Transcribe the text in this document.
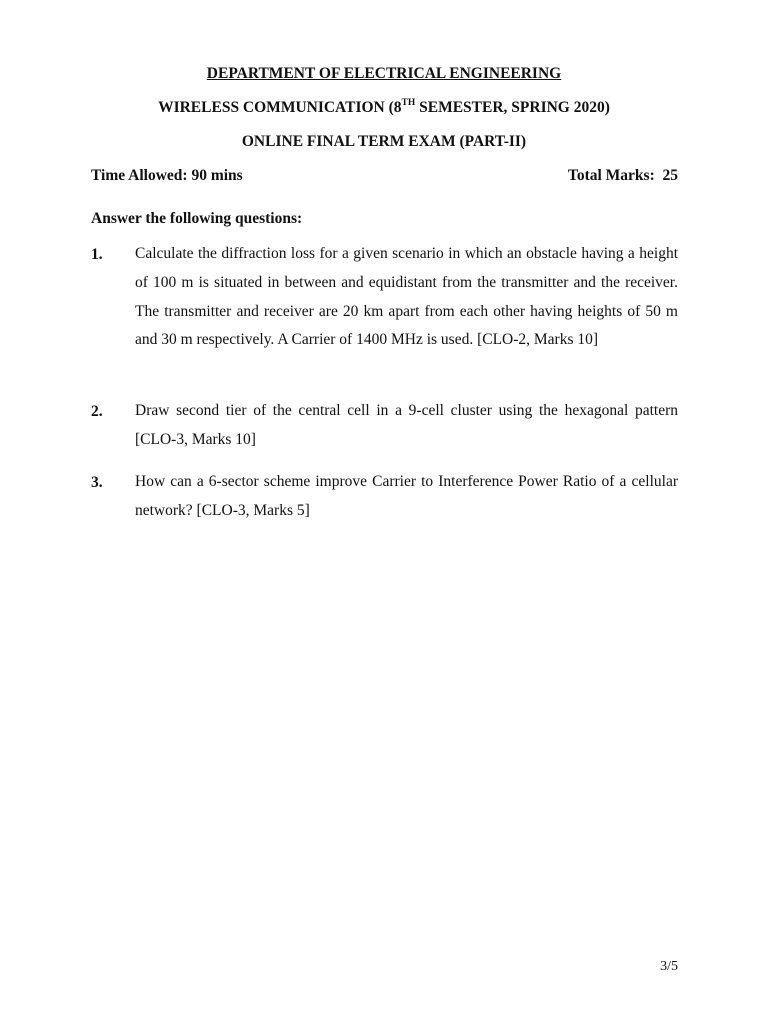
DEPARTMENT OF ELECTRICAL ENGINEERING
WIRELESS COMMUNICATION (8TH SEMESTER, SPRING 2020)
ONLINE FINAL TERM EXAM (PART-II)
Time Allowed: 90 mins	Total Marks:  25
Answer the following questions:
1. Calculate the diffraction loss for a given scenario in which an obstacle having a height of 100 m is situated in between and equidistant from the transmitter and the receiver. The transmitter and receiver are 20 km apart from each other having heights of 50 m and 30 m respectively. A Carrier of 1400 MHz is used. [CLO-2, Marks 10]
2. Draw second tier of the central cell in a 9-cell cluster using the hexagonal pattern [CLO-3, Marks 10]
3. How can a 6-sector scheme improve Carrier to Interference Power Ratio of a cellular network? [CLO-3, Marks 5]
3/5
